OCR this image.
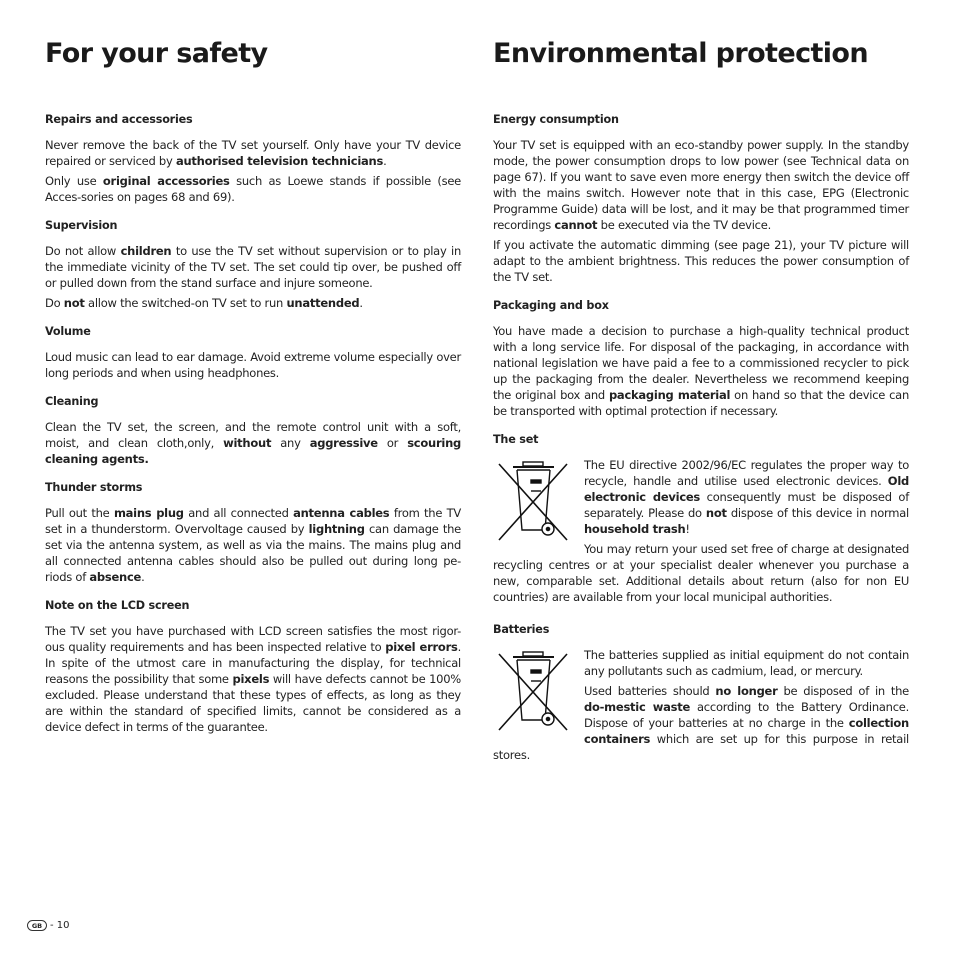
For your safety
Repairs and accessories

Never remove the back of the TV set yourself. Only have your TV device repaired or serviced by authorised television technicians.

Only use original accessories such as Loewe stands if possible (see Acces-sories on pages 68 and 69).

Supervision

Do not allow children to use the TV set without supervision or to play in the immediate vicinity of the TV set. The set could tip over, be pushed off or pulled down from the stand surface and injure someone.

Do not allow the switched-on TV set to run unattended.

Volume

Loud music can lead to ear damage. Avoid extreme volume especially over long periods and when using headphones.

Cleaning

Clean the TV set, the screen, and the remote control unit with a soft, moist, and clean cloth,only, without any aggressive or scouring cleaning agents.

Thunder storms

Pull out the mains plug and all connected antenna cables from the TV set in a thunderstorm. Overvoltage caused by lightning can damage the set via the antenna system, as well as via the mains. The mains plug and all connected antenna cables should also be pulled out during long pe-riods of absence.

Note on the LCD screen

The TV set you have purchased with LCD screen satisfies the most rigor-ous quality requirements and has been inspected relative to pixel errors. In spite of the utmost care in manufacturing the display, for technical reasons the possibility that some pixels will have defects cannot be 100% excluded. Please understand that these types of effects, as long as they are within the standard of specified limits, cannot be considered as a device defect in terms of the guarantee.

Environmental protection
Energy consumption

Your TV set is equipped with an eco-standby power supply. In the standby mode, the power consumption drops to low power (see Technical data on page 67). If you want to save even more energy then switch the device off with the mains switch. However note that in this case, EPG (Electronic Programme Guide) data will be lost, and it may be that programmed timer recordings cannot be executed via the TV device.

If you activate the automatic dimming (see page 21), your TV picture will adapt to the ambient brightness. This reduces the power consumption of the TV set.

Packaging and box

You have made a decision to purchase a high-quality technical product with a long service life. For disposal of the packaging, in accordance with national legislation we have paid a fee to a commissioned recycler to pick up the packaging from the dealer. Nevertheless we recommend keeping the original box and packaging material on hand so that the device can be transported with optimal protection if necessary.

The set

The EU directive 2002/96/EC regulates the proper way to recycle, handle and utilise used electronic devices. Old electronic devices consequently must be disposed of separately. Please do not dispose of this device in normal household trash!

You may return your used set free of charge at designated recycling centres or at your specialist dealer whenever you purchase a new, comparable set. Additional details about return (also for non EU countries) are available from your local municipal authorities.

Batteries

The batteries supplied as initial equipment do not contain any pollutants such as cadmium, lead, or mercury.

Used batteries should no longer be disposed of in the do-mestic waste according to the Battery Ordinance. Dispose of your batteries at no charge in the collection containers which are set up for this purpose in retail stores.

GB - 10
